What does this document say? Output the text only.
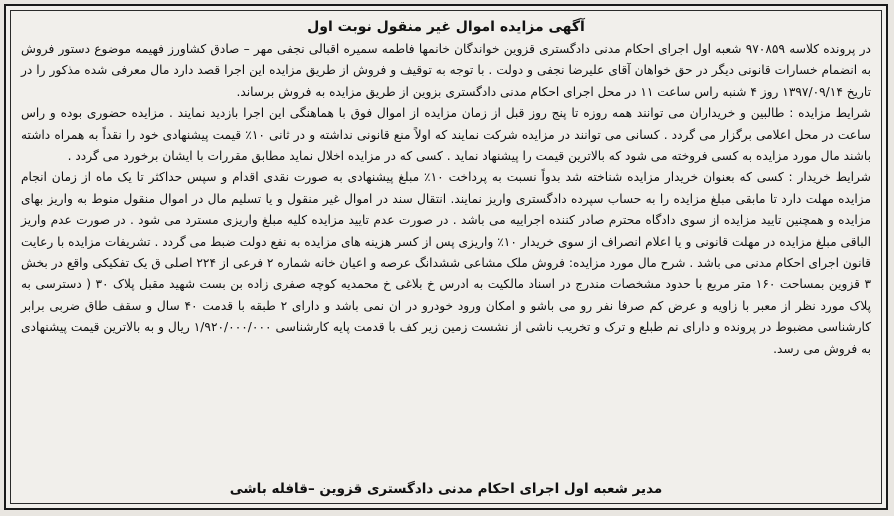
آگهی مزایده اموال غیر منقول نوبت اول

در پرونده کلاسه ۹۷۰۸۵۹ شعبه اول اجرای احکام مدنی دادگستری قزوین خواندگان خانمها فاطمه سمیره اقبالی نجفی مهر – صادق کشاورز فهیمه موضوع دستور فروش به انضمام خسارات قانونی دیگر در حق خواهان آقای علیرضا نجفی و دولت . با توجه به توقیف و فروش از طریق مزایده این اجرا قصد دارد مال معرفی شده مذکور را در تاریخ ۱۳۹۷/۰۹/۱۴ روز ۴ شنبه راس ساعت ۱۱ در محل اجرای احکام مدنی دادگستری بزوین از طریق مزایده به فروش برساند.

شرایط مزایده : طالبین و خریداران می توانند همه روزه تا پنج روز قبل از زمان مزایده از اموال فوق با هماهنگی این اجرا بازدید نمایند . مزایده حضوری بوده و راس ساعت در محل اعلامی برگزار می گردد . کسانی می توانند در مزایده شرکت نمایند که اولاً منع قانونی نداشته و در ثانی ۱۰٪ قیمت پیشنهادی خود را نقداً به همراه داشته باشند مال مورد مزایده به کسی فروخته می شود که بالاترین قیمت را پیشنهاد نماید . کسی که در مزایده اخلال نماید مطابق مقررات با ایشان برخورد می گردد .

شرایط خریدار : کسی که بعنوان خریدار مزایده شناخته شد بدواً نسبت به پرداخت ۱۰٪ مبلغ پیشنهادی به صورت نقدی اقدام و سپس حداکثر تا یک ماه از زمان انجام مزایده مهلت دارد تا مابقی مبلغ مزایده را به حساب سپرده دادگستری واریز نمایند. انتقال سند در اموال غیر منقول و یا تسلیم مال در اموال منقول منوط به واریز بهای مزایده و همچنین تایید مزایده از سوی دادگاه محترم صادر کننده اجراییه می باشد . در صورت عدم تایید مزایده کلیه مبلغ واریزی مسترد می شود . در صورت عدم واریز الباقی مبلغ مزایده در مهلت قانونی و یا اعلام انصراف از سوی خریدار ۱۰٪ واریزی پس از کسر هزینه های مزایده به نفع دولت ضبط می گردد . تشریفات مزایده با رعایت قانون اجرای احکام مدنی می باشد . شرح مال مورد مزایده: فروش ملک مشاعی ششدانگ عرصه و اعیان خانه شماره ۲ فرعی از ۲۲۴ اصلی ق یک تفکیکی واقع در بخش ۳ قزوین بمساحت ۱۶۰ متر مربع با حدود مشخصات مندرج در اسناد مالکیت به ادرس خ بلاغی خ محمدیه کوچه صفری زاده بن بست شهید مقبل پلاک ۳۰ ( دسترسی به پلاک مورد نظر از معبر با زاویه و عرض کم صرفا نفر رو می باشو و امکان ورود خودرو در ان نمی باشد و دارای ۲ طبقه با قدمت ۴۰ سال و سقف طاق ضربی برابر کارشناسی مضبوط در پرونده و دارای نم طبلع و ترک و تخریب ناشی از نشست زمین زیر کف با قدمت پایه کارشناسی ۱/۹۲۰/۰۰۰/۰۰۰ ریال و به بالاترین قیمت پیشنهادی به فروش می رسد.

مدیر شعبه اول اجرای احکام مدنی دادگستری قزوین –قافله باشی
